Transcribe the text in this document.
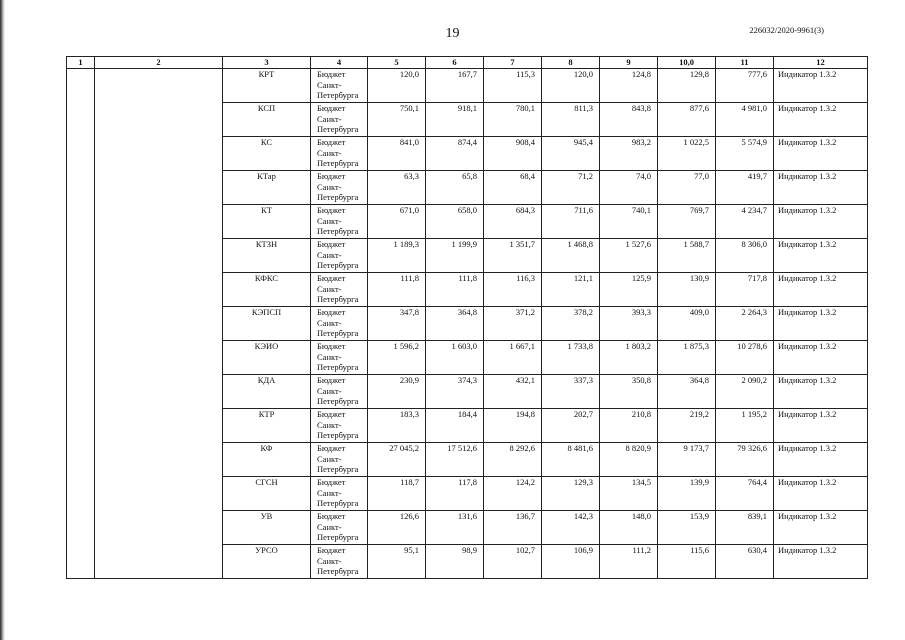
19	226032/2020-9961(3)
1	2	3	4	5	6	7	8	9	10,0	11	12
		КРТ	Бюджет Санкт-Петербурга	120,0	167,7	115,3	120,0	124,8	129,8	777,6	Индикатор 1.3.2
		КСП	Бюджет Санкт-Петербурга	750,1	918,1	780,1	811,3	843,8	877,6	4 981,0	Индикатор 1.3.2
		КС	Бюджет Санкт-Петербурга	841,0	874,4	908,4	945,4	983,2	1 022,5	5 574,9	Индикатор 1.3.2
		КТар	Бюджет Санкт-Петербурга	63,3	65,8	68,4	71,2	74,0	77,0	419,7	Индикатор 1.3.2
		КТ	Бюджет Санкт-Петербурга	671,0	658,0	684,3	711,6	740,1	769,7	4 234,7	Индикатор 1.3.2
		КТЗН	Бюджет Санкт-Петербурга	1 189,3	1 199,9	1 351,7	1 468,8	1 527,6	1 588,7	8 306,0	Индикатор 1.3.2
		КФКС	Бюджет Санкт-Петербурга	111,8	111,8	116,3	121,1	125,9	130,9	717,8	Индикатор 1.3.2
		КЭПСП	Бюджет Санкт-Петербурга	347,8	364,8	371,2	378,2	393,3	409,0	2 264,3	Индикатор 1.3.2
		КЭИО	Бюджет Санкт-Петербурга	1 596,2	1 603,0	1 667,1	1 733,8	1 803,2	1 875,3	10 278,6	Индикатор 1.3.2
		КДА	Бюджет Санкт-Петербурга	230,9	374,3	432,1	337,3	350,8	364,8	2 090,2	Индикатор 1.3.2
		КТР	Бюджет Санкт-Петербурга	183,3	184,4	194,8	202,7	210,8	219,2	1 195,2	Индикатор 1.3.2
		КФ	Бюджет Санкт-Петербурга	27 045,2	17 512,6	8 292,6	8 481,6	8 820,9	9 173,7	79 326,6	Индикатор 1.3.2
		СГСН	Бюджет Санкт-Петербурга	118,7	117,8	124,2	129,3	134,5	139,9	764,4	Индикатор 1.3.2
		УВ	Бюджет Санкт-Петербурга	126,6	131,6	136,7	142,3	148,0	153,9	839,1	Индикатор 1.3.2
		УРСО	Бюджет Санкт-Петербурга	95,1	98,9	102,7	106,9	111,2	115,6	630,4	Индикатор 1.3.2
